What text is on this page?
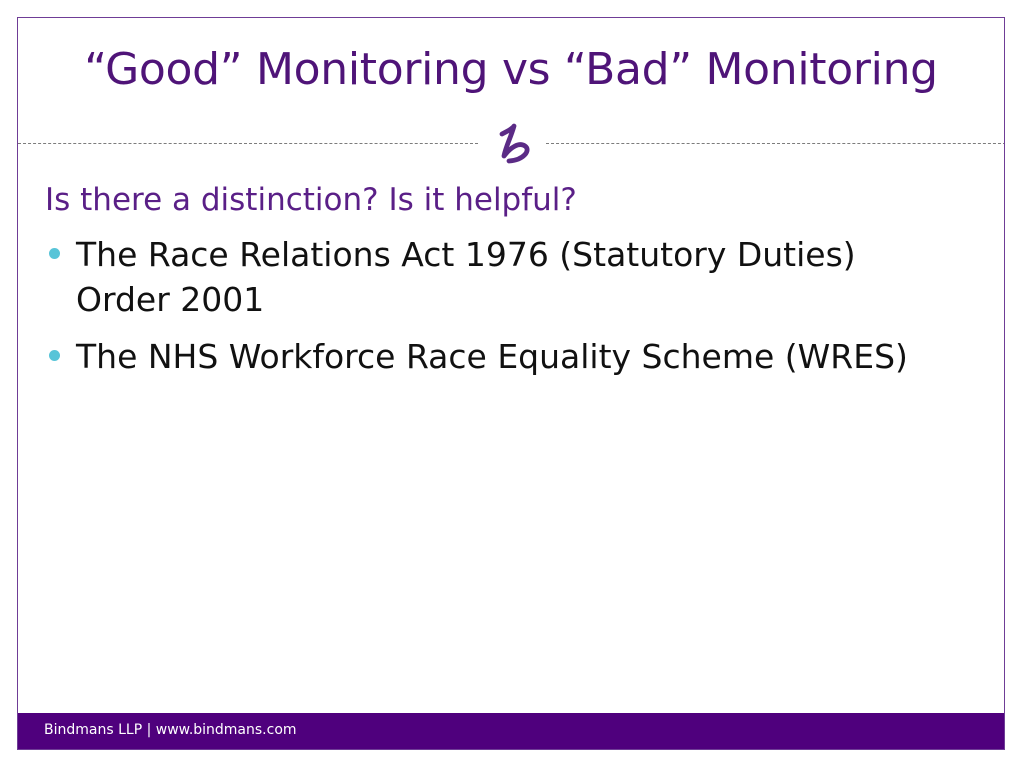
“Good” Monitoring vs “Bad” Monitoring
Is there a distinction? Is it helpful?
The Race Relations Act 1976 (Statutory Duties) Order 2001
The NHS Workforce Race Equality Scheme (WRES)
Bindmans LLP | www.bindmans.com
